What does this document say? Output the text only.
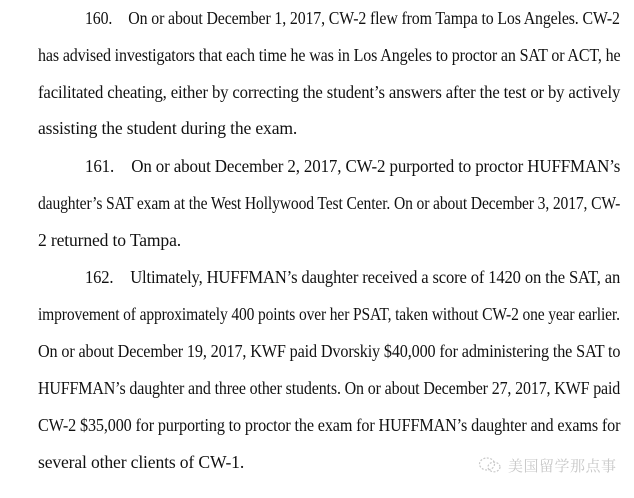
160. On or about December 1, 2017, CW-2 flew from Tampa to Los Angeles. CW-2
has advised investigators that each time he was in Los Angeles to proctor an SAT or ACT, he
facilitated cheating, either by correcting the student’s answers after the test or by actively
assisting the student during the exam.
161. On or about December 2, 2017, CW-2 purported to proctor HUFFMAN’s
daughter’s SAT exam at the West Hollywood Test Center. On or about December 3, 2017, CW-
2 returned to Tampa.
162. Ultimately, HUFFMAN’s daughter received a score of 1420 on the SAT, an
improvement of approximately 400 points over her PSAT, taken without CW-2 one year earlier.
On or about December 19, 2017, KWF paid Dvorskiy $40,000 for administering the SAT to
HUFFMAN’s daughter and three other students. On or about December 27, 2017, KWF paid
CW-2 $35,000 for purporting to proctor the exam for HUFFMAN’s daughter and exams for
several other clients of CW-1.	美国留学那点事
